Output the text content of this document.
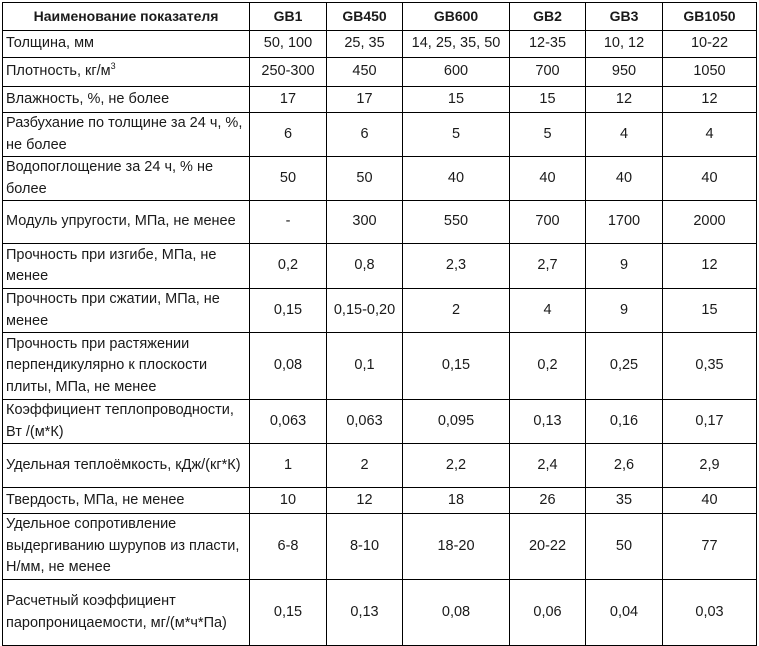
Наименование показателя	GB1	GB450	GB600	GB2	GB3	GB1050
Толщина, мм	50, 100	25, 35	14, 25, 35, 50	12-35	10, 12	10-22
Плотность, $кг/м^3$	250-300	450	600	700	950	1050
Влажность, %, не более	17	17	15	15	12	12
Разбухание по толщине за 24 ч, %, не более	6	6	5	5	4	4
Водопоглощение за 24 ч, % не более	50	50	40	40	40	40
Модуль упругости, МПа, не менее	-	300	550	700	1700	2000
Прочность при изгибе, МПа, не менее	0,2	0,8	2,3	2,7	9	12
Прочность при сжатии, МПа, не менее	0,15	0,15-0,20	2	4	9	15
Прочность при растяжении перпендикулярно к плоскости плиты, МПа, не менее	0,08	0,1	0,15	0,2	0,25	0,35
Коэффициент теплопроводности, Вт /(м*К)	0,063	0,063	0,095	0,13	0,16	0,17
Удельная теплоёмкость, кДж/(кг*К)	1	2	2,2	2,4	2,6	2,9
Твердость, МПа, не менее	10	12	18	26	35	40
Удельное сопротивление выдергиванию шурупов из пласти, Н/мм, не менее	6-8	8-10	18-20	20-22	50	77
Расчетный коэффициент паропроницаемости, мг/(м*ч*Па)	0,15	0,13	0,08	0,06	0,04	0,03
